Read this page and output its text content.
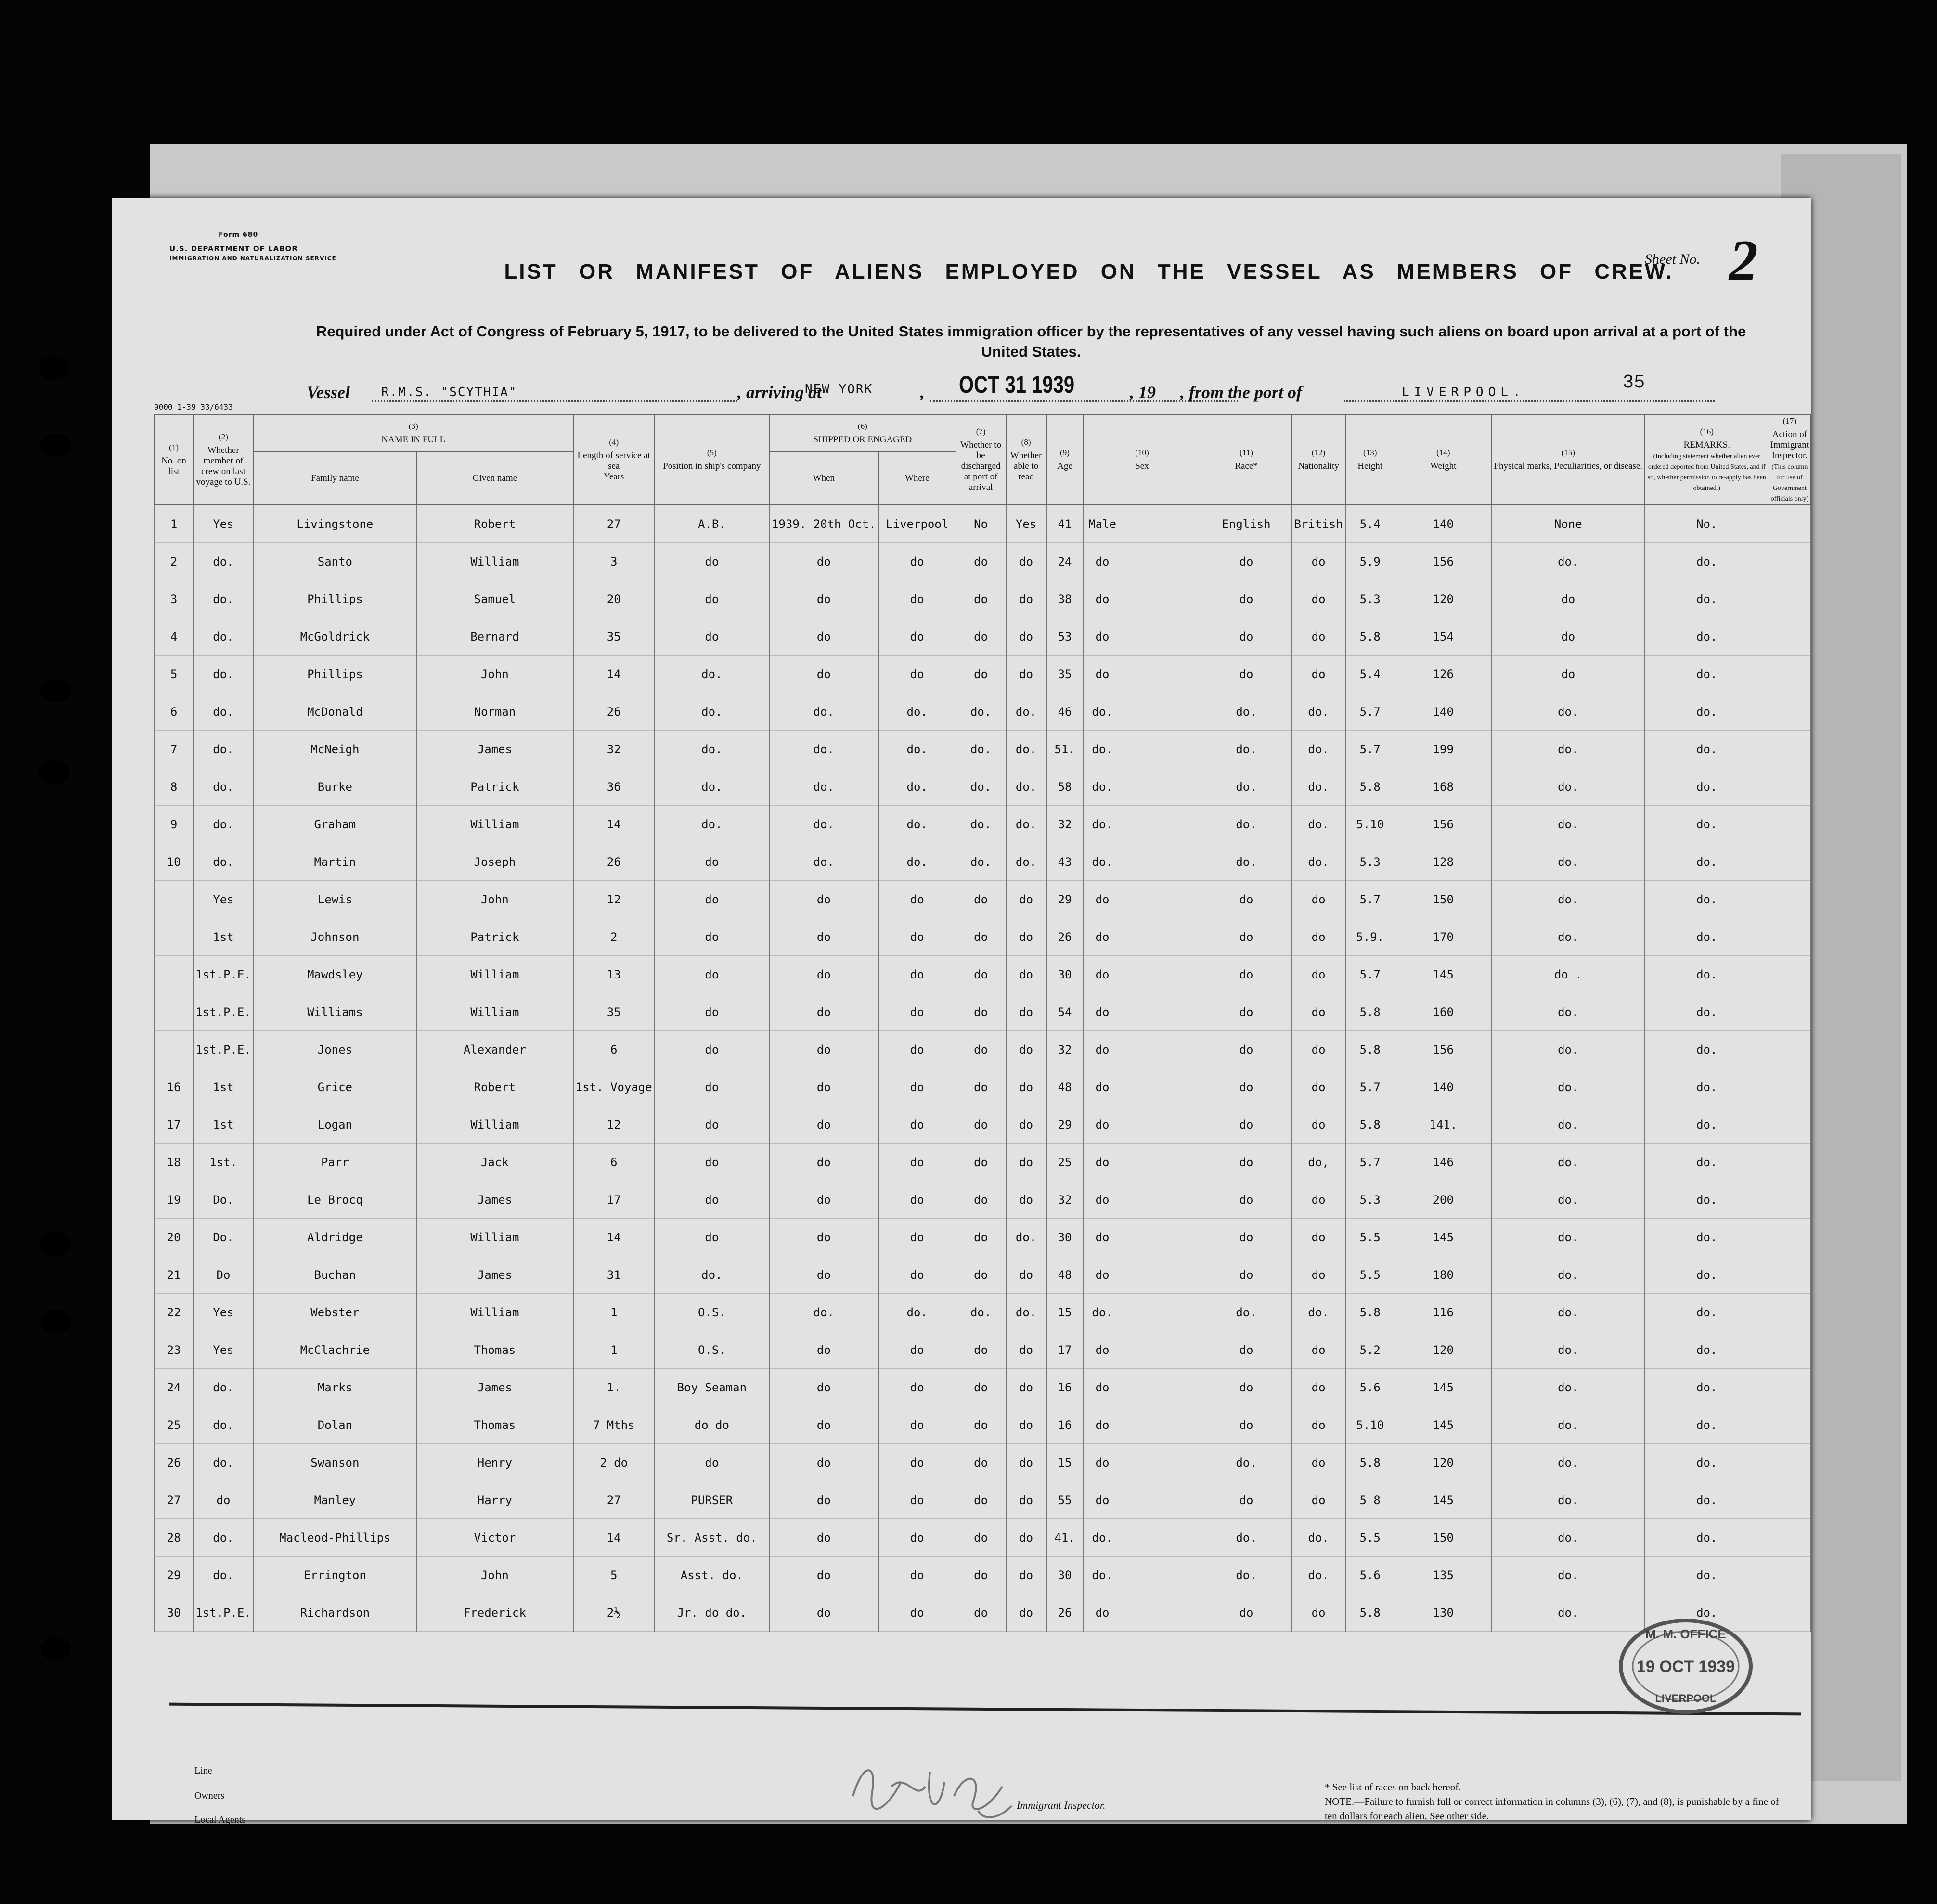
Form 680
U.S. DEPARTMENT OF LABOR
IMMIGRATION AND NATURALIZATION SERVICE	Sheet No. 2
LIST OR MANIFEST OF ALIENS EMPLOYED ON THE VESSEL AS MEMBERS OF CREW.
Required under Act of Congress of February 5, 1917, to be delivered to the United States immigration officer by the representatives of any vessel having such aliens on board upon arrival at a port of the United States.
Vessel	R.M.S. "SCYTHIA"	, arriving at
NEW YORK	, OCT 31 1939	, 19 , from the port of	LIVERPOOL.
35
9000 1-39 33/6433
(1)
No. on list	(2)
Whether member of crew on last voyage to U.S.	(3)
NAME IN FULL		(4)
Length of service at sea
Years	(5)
Position in ship's company	(6)
SHIPPED OR ENGAGED		(7)
Whether to be discharged at port of arrival	(8)
Whether able to read	(9)
Age	(10)
Sex		(11)
Race*	(12)
Nationality	(13)
Height	(14)
Weight	(15)
Physical marks, Peculiarities, or disease.	(16)
REMARKS.
(Including statement whether alien ever ordered deported from United States, and if so, whether permission to re-apply has been obtained.)	(17)
Action of Immigrant Inspector.
(This column for use of Government officials only)
		Family name	Given name			When	Where												
1	Yes	Livingstone	Robert	27	A.B.	1939. 20th Oct.	Liverpool	No	Yes	41	Male		English	British	5.4	140	None	No.	
2	do.	Santo	William	3	do	do	do	do	do	24	do		do	do	5.9	156	do.	do.	
3	do.	Phillips	Samuel	20	do	do	do	do	do	38	do		do	do	5.3	120	do	do.	
4	do.	McGoldrick	Bernard	35	do	do	do	do	do	53	do		do	do	5.8	154	do	do.	
5	do.	Phillips	John	14	do.	do	do	do	do	35	do		do	do	5.4	126	do	do.	
6	do.	McDonald	Norman	26	do.	do.	do.	do.	do.	46	do.		do.	do.	5.7	140	do.	do.	
7	do.	McNeigh	James	32	do.	do.	do.	do.	do.	51.	do.		do.	do.	5.7	199	do.	do.	
8	do.	Burke	Patrick	36	do.	do.	do.	do.	do.	58	do.		do.	do.	5.8	168	do.	do.	
9	do.	Graham	William	14	do.	do.	do.	do.	do.	32	do.		do.	do.	5.10	156	do.	do.	
10	do.	Martin	Joseph	26	do	do.	do.	do.	do.	43	do.		do.	do.	5.3	128	do.	do.	
	Yes	Lewis	John	12	do	do	do	do	do	29	do		do	do	5.7	150	do.	do.	
	1st	Johnson	Patrick	2	do	do	do	do	do	26	do		do	do	5.9.	170	do.	do.	
	1st.P.E.	Mawdsley	William	13	do	do	do	do	do	30	do		do	do	5.7	145	do .	do.	
	1st.P.E.	Williams	William	35	do	do	do	do	do	54	do		do	do	5.8	160	do.	do.	
	1st.P.E.	Jones	Alexander	6	do	do	do	do	do	32	do		do	do	5.8	156	do.	do.	
16	1st	Grice	Robert	1st. Voyage	do	do	do	do	do	48	do		do	do	5.7	140	do.	do.	
17	1st	Logan	William	12	do	do	do	do	do	29	do		do	do	5.8	141.	do.	do.	
18	1st.	Parr	Jack	6	do	do	do	do	do	25	do		do	do,	5.7	146	do.	do.	
19	Do.	Le Brocq	James	17	do	do	do	do	do	32	do		do	do	5.3	200	do.	do.	
20	Do.	Aldridge	William	14	do	do	do	do	do.	30	do		do	do	5.5	145	do.	do.	
21	Do	Buchan	James	31	do.	do	do	do	do	48	do		do	do	5.5	180	do.	do.	
22	Yes	Webster	William	1	O.S.	do.	do.	do.	do.	15	do.		do.	do.	5.8	116	do.	do.	
23	Yes	McClachrie	Thomas	1	O.S.	do	do	do	do	17	do		do	do	5.2	120	do.	do.	
24	do.	Marks	James	1.	Boy Seaman	do	do	do	do	16	do		do	do	5.6	145	do.	do.	
25	do.	Dolan	Thomas	7 Mths	do do	do	do	do	do	16	do		do	do	5.10	145	do.	do.	
26	do.	Swanson	Henry	2 do	do	do	do	do	do	15	do		do.	do	5.8	120	do.	do.	
27	do	Manley	Harry	27	PURSER	do	do	do	do	55	do		do	do	5 8	145	do.	do.	
28	do.	Macleod-Phillips	Victor	14	Sr. Asst. do.	do	do	do	do	41.	do.		do.	do.	5.5	150	do.	do.	
29	do.	Errington	John	5	Asst. do.	do	do	do	do	30	do.		do.	do.	5.6	135	do.	do.	
30	1st.P.E.	Richardson	Frederick	2½	Jr. do do.	do	do	do	do	26	do		do	do	5.8	130	do.	do.	
Line
Owners
Local Agents
Immigrant Inspector.
* See list of races on back hereof.
NOTE.—Failure to furnish full or correct information in columns (3), (6), (7), and (8), is punishable by a fine of ten dollars for each alien. See other side.
M. M. OFFICE
19 OCT 1939
LIVERPOOL
